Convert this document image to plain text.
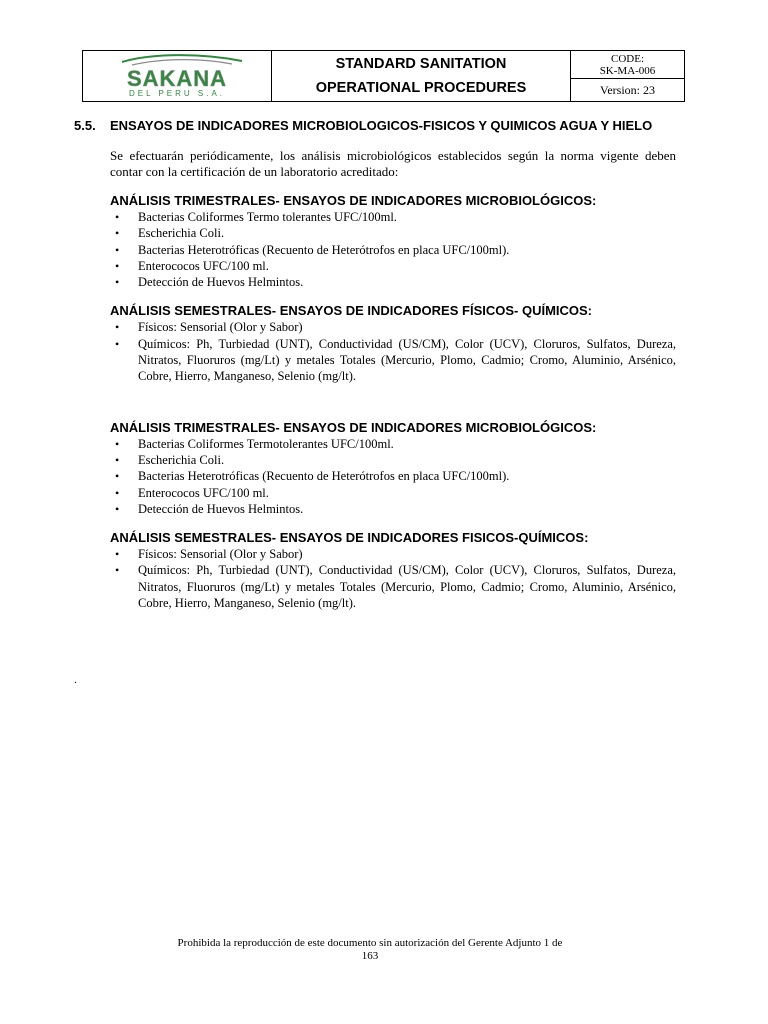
SAKANA
DEL PERU S.A.
STANDARD SANITATION
OPERATIONAL PROCEDURES
CODE:
SK-MA-006
Version: 23
5.5.	ENSAYOS DE INDICADORES MICROBIOLOGICOS-FISICOS Y QUIMICOS AGUA Y HIELO
Se efectuarán periódicamente, los análisis microbiológicos establecidos según la norma vigente deben contar con la certificación de un laboratorio acreditado:
ANÁLISIS TRIMESTRALES- ENSAYOS DE INDICADORES MICROBIOLÓGICOS:
• Bacterias Coliformes Termo tolerantes UFC/100ml.
• Escherichia Coli.
• Bacterias Heterotróficas (Recuento de Heterótrofos en placa UFC/100ml).
• Enterococos UFC/100 ml.
• Detección de Huevos Helmintos.
ANÁLISIS SEMESTRALES- ENSAYOS DE INDICADORES FÍSICOS- QUÍMICOS:
• Físicos: Sensorial (Olor y Sabor)
• Químicos: Ph, Turbiedad (UNT), Conductividad (US/CM), Color (UCV), Cloruros, Sulfatos, Dureza, Nitratos, Fluoruros (mg/Lt) y metales Totales (Mercurio, Plomo, Cadmio; Cromo, Aluminio, Arsénico, Cobre, Hierro, Manganeso, Selenio (mg/lt).
ANÁLISIS TRIMESTRALES- ENSAYOS DE INDICADORES MICROBIOLÓGICOS:
• Bacterias Coliformes Termotolerantes UFC/100ml.
• Escherichia Coli.
• Bacterias Heterotróficas (Recuento de Heterótrofos en placa UFC/100ml).
• Enterococos UFC/100 ml.
• Detección de Huevos Helmintos.
ANÁLISIS SEMESTRALES- ENSAYOS DE INDICADORES FISICOS-QUÍMICOS:
• Físicos: Sensorial (Olor y Sabor)
• Químicos: Ph, Turbiedad (UNT), Conductividad (US/CM), Color (UCV), Cloruros, Sulfatos, Dureza, Nitratos, Fluoruros (mg/Lt) y metales Totales (Mercurio, Plomo, Cadmio; Cromo, Aluminio, Arsénico, Cobre, Hierro, Manganeso, Selenio (mg/lt).
.
Prohibida la reproducción de este documento sin autorización del Gerente Adjunto 1 de
163
